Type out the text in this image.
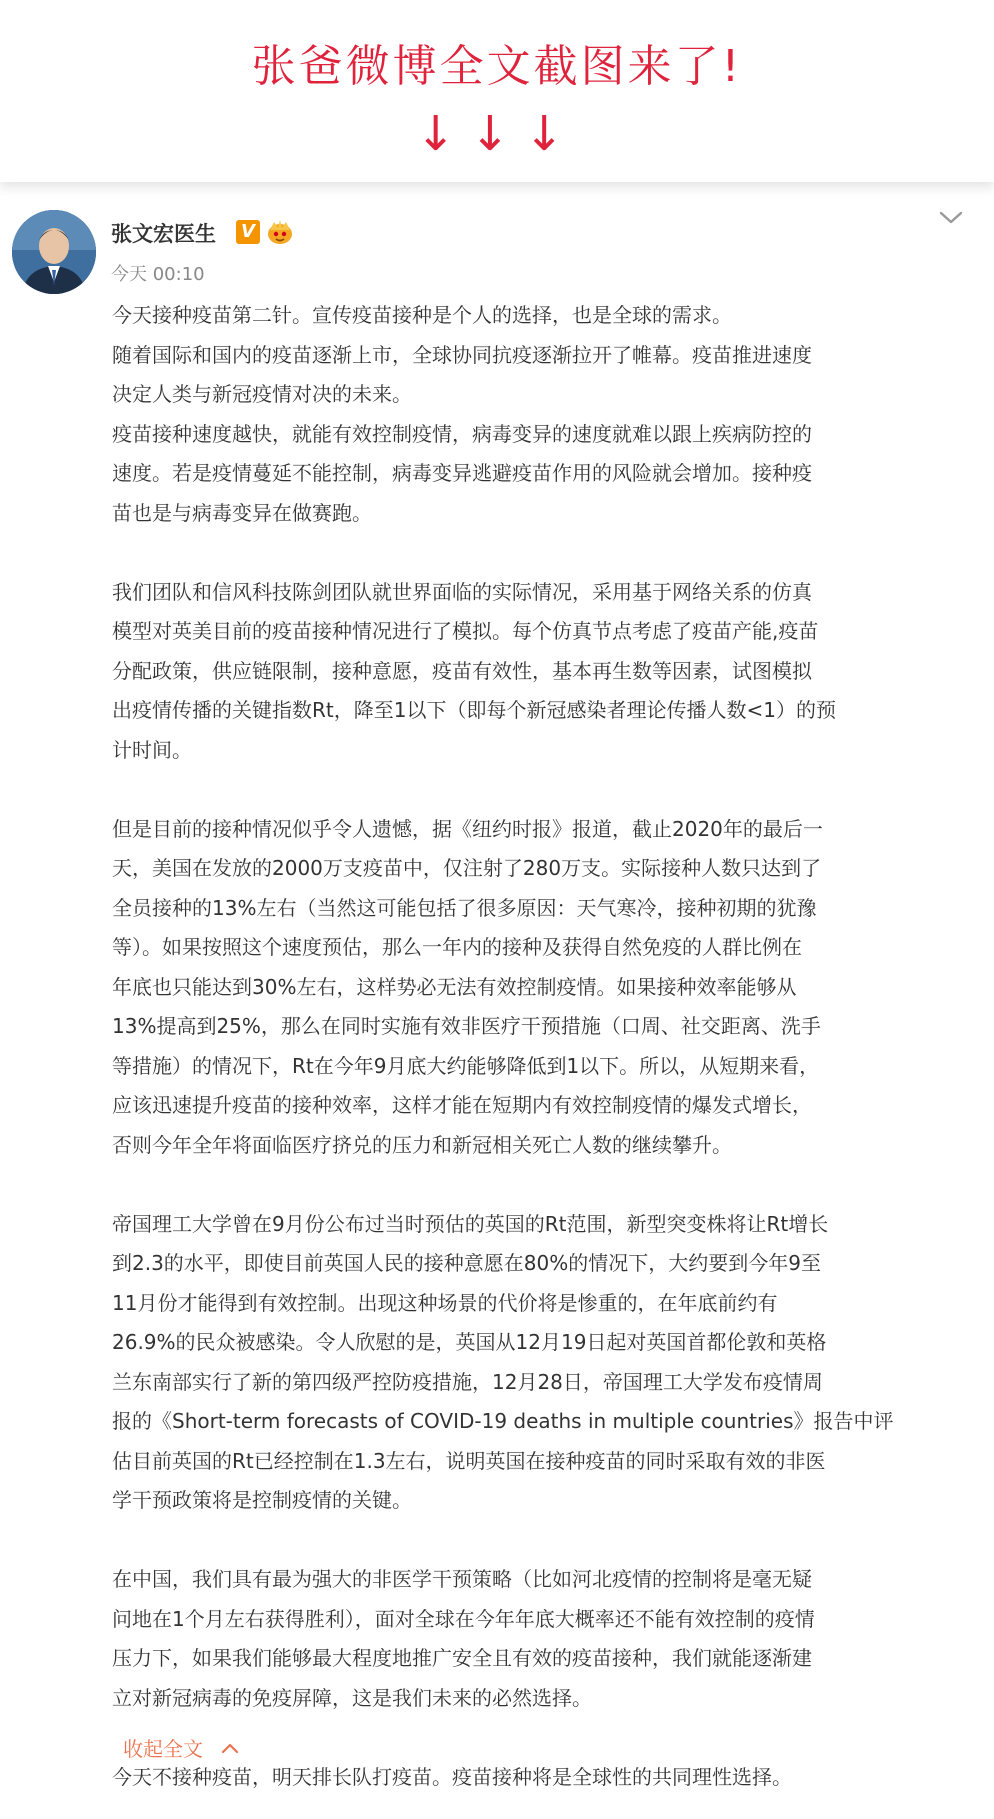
张爸微博全文截图来了!
↓↓↓
张文宏医生 V
今天 00:10

今天接种疫苗第二针。宣传疫苗接种是个人的选择，也是全球的需求。

随着国际和国内的疫苗逐渐上市，全球协同抗疫逐渐拉开了帷幕。疫苗推进速度

决定人类与新冠疫情对决的未来。

疫苗接种速度越快，就能有效控制疫情，病毒变异的速度就难以跟上疾病防控的

速度。若是疫情蔓延不能控制，病毒变异逃避疫苗作用的风险就会增加。接种疫

苗也是与病毒变异在做赛跑。

我们团队和信风科技陈剑团队就世界面临的实际情况，采用基于网络关系的仿真

模型对英美目前的疫苗接种情况进行了模拟。每个仿真节点考虑了疫苗产能,疫苗

分配政策，供应链限制，接种意愿，疫苗有效性，基本再生数等因素，试图模拟

出疫情传播的关键指数Rt，降至1以下（即每个新冠感染者理论传播人数<1）的预

计时间。

但是目前的接种情况似乎令人遗憾，据《纽约时报》报道，截止2020年的最后一

天，美国在发放的2000万支疫苗中，仅注射了280万支。实际接种人数只达到了

全员接种的13%左右（当然这可能包括了很多原因：天气寒冷，接种初期的犹豫

等）。如果按照这个速度预估，那么一年内的接种及获得自然免疫的人群比例在

年底也只能达到30%左右，这样势必无法有效控制疫情。如果接种效率能够从

13%提高到25%，那么在同时实施有效非医疗干预措施（口周、社交距离、洗手

等措施）的情况下，Rt在今年9月底大约能够降低到1以下。所以，从短期来看，

应该迅速提升疫苗的接种效率，这样才能在短期内有效控制疫情的爆发式增长，

否则今年全年将面临医疗挤兑的压力和新冠相关死亡人数的继续攀升。

帝国理工大学曾在9月份公布过当时预估的英国的Rt范围，新型突变株将让Rt增长

到2.3的水平，即使目前英国人民的接种意愿在80%的情况下，大约要到今年9至

11月份才能得到有效控制。出现这种场景的代价将是惨重的，在年底前约有

26.9%的民众被感染。令人欣慰的是，英国从12月19日起对英国首都伦敦和英格

兰东南部实行了新的第四级严控防疫措施，12月28日，帝国理工大学发布疫情周

报的《Short-term forecasts of COVID-19 deaths in multiple countries》报告中评

估目前英国的Rt已经控制在1.3左右，说明英国在接种疫苗的同时采取有效的非医

学干预政策将是控制疫情的关键。

在中国，我们具有最为强大的非医学干预策略（比如河北疫情的控制将是毫无疑

问地在1个月左右获得胜利），面对全球在今年年底大概率还不能有效控制的疫情

压力下，如果我们能够最大程度地推广安全且有效的疫苗接种，我们就能逐渐建

立对新冠病毒的免疫屏障，这是我们未来的必然选择。

今天不接种疫苗，明天排长队打疫苗。疫苗接种将是全球性的共同理性选择。

收起全文
